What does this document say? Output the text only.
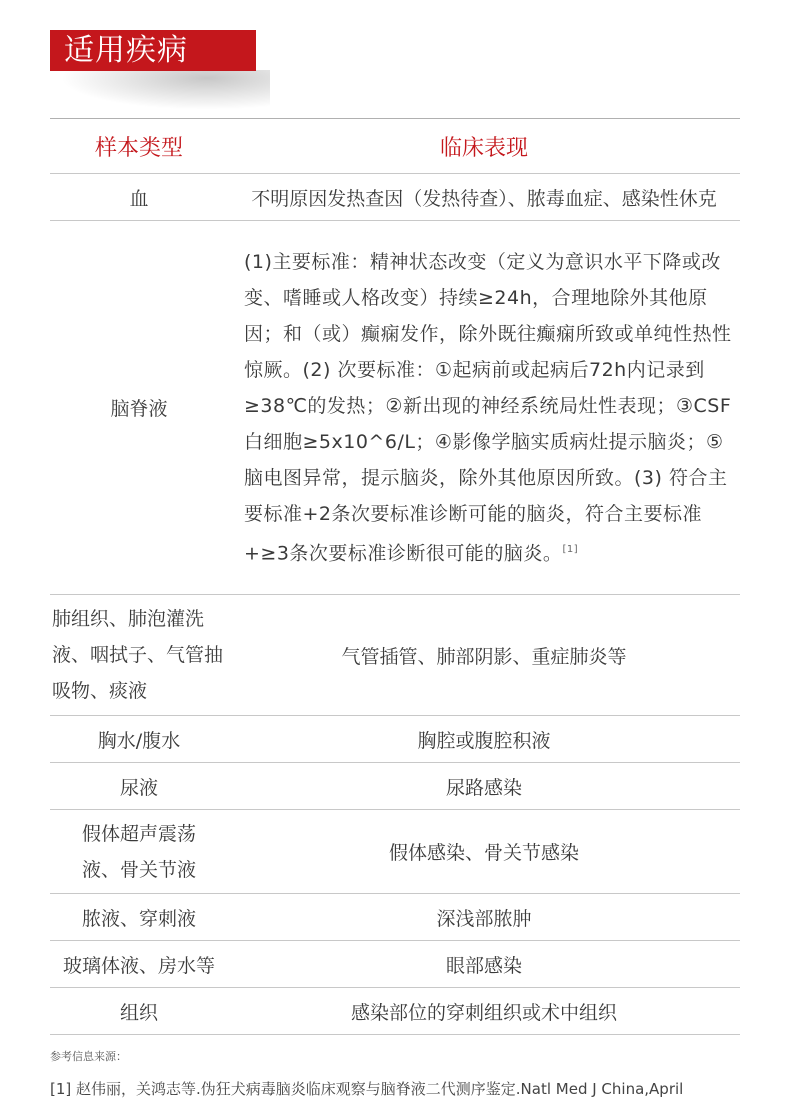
适用疾病
样本类型	临床表现
血	不明原因发热查因（发热待查）、脓毒血症、感染性休克
脑脊液	(1)主要标准：精神状态改变（定义为意识水平下降或改变、嗜睡或人格改变）持续≥24h，合理地除外其他原因；和（或）癫痫发作，除外既往癫痫所致或单纯性热性惊厥。(2) 次要标准：①起病前或起病后72h内记录到≥38℃的发热；②新出现的神经系统局灶性表现；③CSF白细胞≥5x10^6/L；④影像学脑实质病灶提示脑炎；⑤脑电图异常，提示脑炎，除外其他原因所致。(3) 符合主要标准+2条次要标准诊断可能的脑炎，符合主要标准+≥3条次要标准诊断很可能的脑炎。[1]
肺组织、肺泡灌洗液、咽拭子、气管抽吸物、痰液	气管插管、肺部阴影、重症肺炎等
胸水/腹水	胸腔或腹腔积液
尿液	尿路感染
假体超声震荡液、骨关节液	假体感染、骨关节感染
脓液、穿刺液	深浅部脓肿
玻璃体液、房水等	眼部感染
组织	感染部位的穿刺组织或术中组织
参考信息来源：
[1] 赵伟丽，关鸿志等.伪狂犬病毒脑炎临床观察与脑脊液二代测序鉴定.Natl Med J China,April
